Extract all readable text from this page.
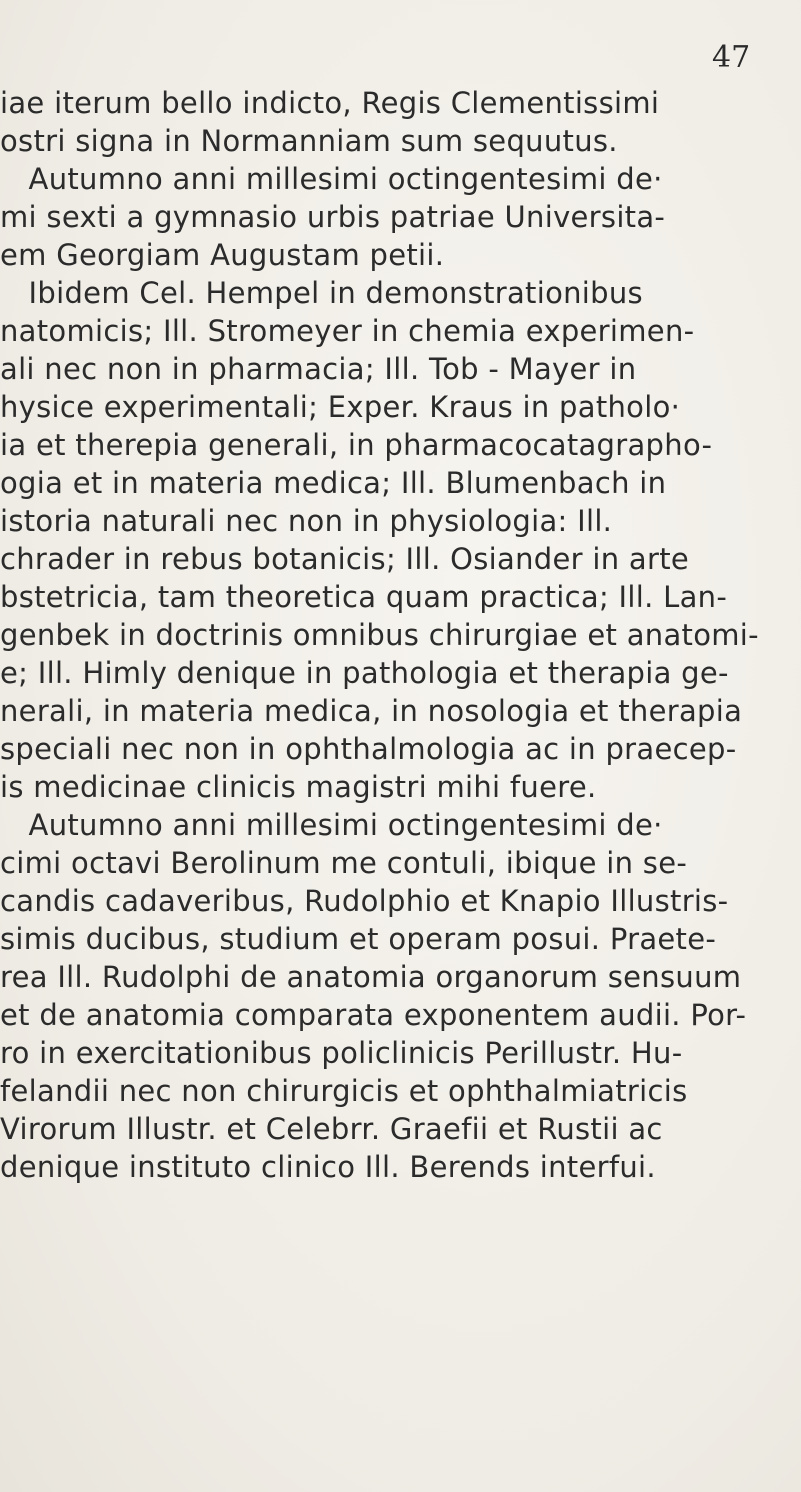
47
iae iterum bello indicto, Regis Clementissimi
ostri signa in Normanniam sum sequutus.
Autumno anni millesimi octingentesimi de·
mi sexti a gymnasio urbis patriae Universita-
em Georgiam Augustam petii.
Ibidem Cel. Hempel in demonstrationibus
natomicis; Ill. Stromeyer in chemia experimen-
ali nec non in pharmacia; Ill. Tob - Mayer in
hysice experimentali; Exper. Kraus in patholo·
ia et therepia generali, in pharmacocatagrapho-
ogia et in materia medica; Ill. Blumenbach in
istoria naturali nec non in physiologia: Ill.
chrader in rebus botanicis; Ill. Osiander in arte
bstetricia, tam theoretica quam practica; Ill. Lan-
genbek in doctrinis omnibus chirurgiae et anatomi-
e; Ill. Himly denique in pathologia et therapia ge-
nerali, in materia medica, in nosologia et therapia
speciali nec non in ophthalmologia ac in praecep-
is medicinae clinicis magistri mihi fuere.
Autumno anni millesimi octingentesimi de·
cimi octavi Berolinum me contuli, ibique in se-
candis cadaveribus, Rudolphio et Knapio Illustris-
simis ducibus, studium et operam posui. Praete-
rea Ill. Rudolphi de anatomia organorum sensuum
et de anatomia comparata exponentem audii. Por-
ro in exercitationibus policlinicis Perillustr. Hu-
felandii nec non chirurgicis et ophthalmiatricis
Virorum Illustr. et Celebrr. Graefii et Rustii ac
denique instituto clinico Ill. Berends interfui.
